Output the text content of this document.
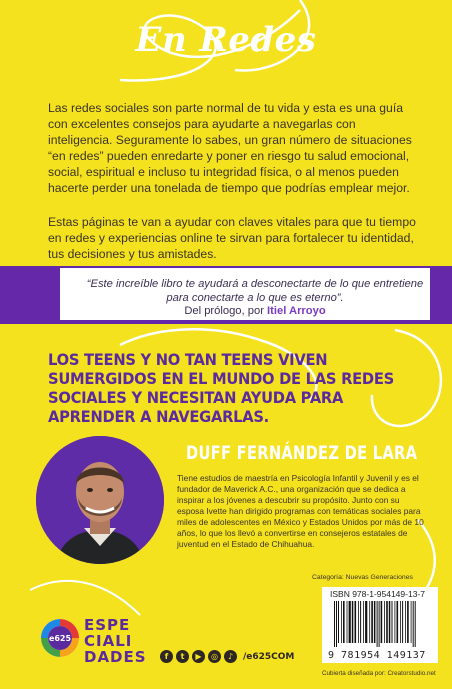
En Redes

Las redes sociales son parte normal de tu vida y esta es una guía con excelentes consejos para ayudarte a navegarlas con inteligencia. Seguramente lo sabes, un gran número de situaciones “en redes” pueden enredarte y poner en riesgo tu salud emocional, social, espiritual e incluso tu integridad física, o al menos pueden hacerte perder una tonelada de tiempo que podrías emplear mejor.

Estas páginas te van a ayudar con claves vitales para que tu tiempo en redes y experiencias online te sirvan para fortalecer tu identidad, tus decisiones y tus amistades.

“Este increíble libro te ayudará a desconectarte de lo que entretiene para conectarte a lo que es eterno”.

Del prólogo, por Itiel Arroyo

LOS TEENS Y NO TAN TEENS VIVEN SUMERGIDOS EN EL MUNDO DE LAS REDES SOCIALES Y NECESITAN AYUDA PARA APRENDER A NAVEGARLAS.

DUFF FERNÁNDEZ DE LARA

Tiene estudios de maestría en Psicología Infantil y Juvenil y es el fundador de Maverick A.C., una organización que se dedica a inspirar a los jóvenes a descubrir su propósito. Junto con su esposa Ivette han dirigido programas con temáticas sociales para miles de adolescentes en México y Estados Unidos por más de 10 años, lo que los llevó a convertirse en consejeros estatales de juventud en el Estado de Chihuahua.

Categoría: Nuevas Generaciones
ISBN 978-1-954149-13-7
9 781954 149137
Cubierta diseñada por: Creatorstudio.net
e625
ESPE
CIALI
DADES	f	t	▶	◎	♪	/e625COM
